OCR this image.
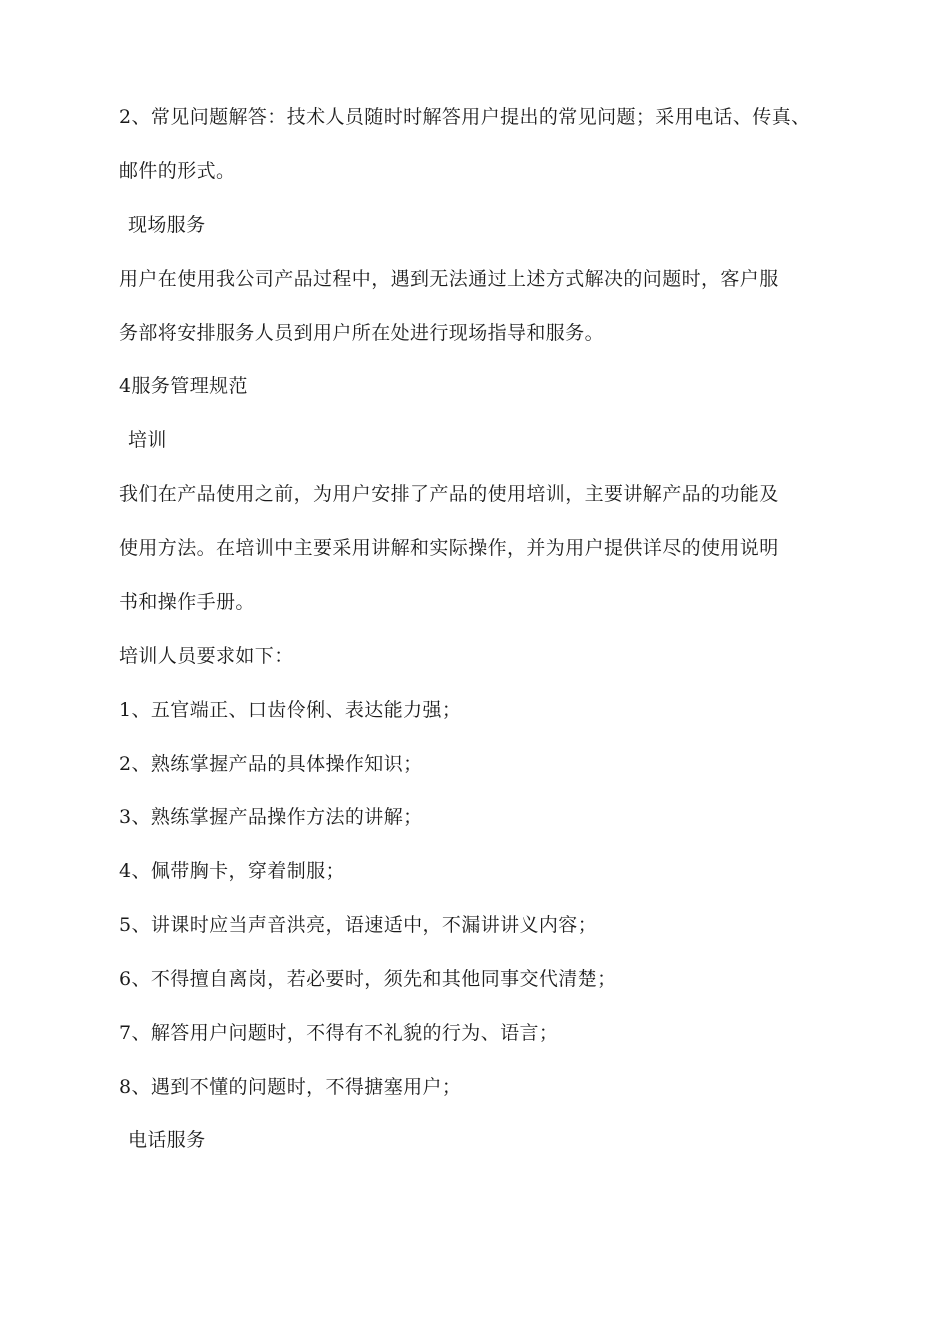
2、常见问题解答：技术人员随时时解答用户提出的常见问题；采用电话、传真、
邮件的形式。
现场服务
用户在使用我公司产品过程中，遇到无法通过上述方式解决的问题时，客户服
务部将安排服务人员到用户所在处进行现场指导和服务。
4服务管理规范
培训
我们在产品使用之前，为用户安排了产品的使用培训，主要讲解产品的功能及
使用方法。在培训中主要采用讲解和实际操作，并为用户提供详尽的使用说明
书和操作手册。
培训人员要求如下：
1、五官端正、口齿伶俐、表达能力强；
2、熟练掌握产品的具体操作知识；
3、熟练掌握产品操作方法的讲解；
4、佩带胸卡，穿着制服；
5、讲课时应当声音洪亮，语速适中，不漏讲讲义内容；
6、不得擅自离岗，若必要时，须先和其他同事交代清楚；
7、解答用户问题时，不得有不礼貌的行为、语言；
8、遇到不懂的问题时，不得搪塞用户；
电话服务
